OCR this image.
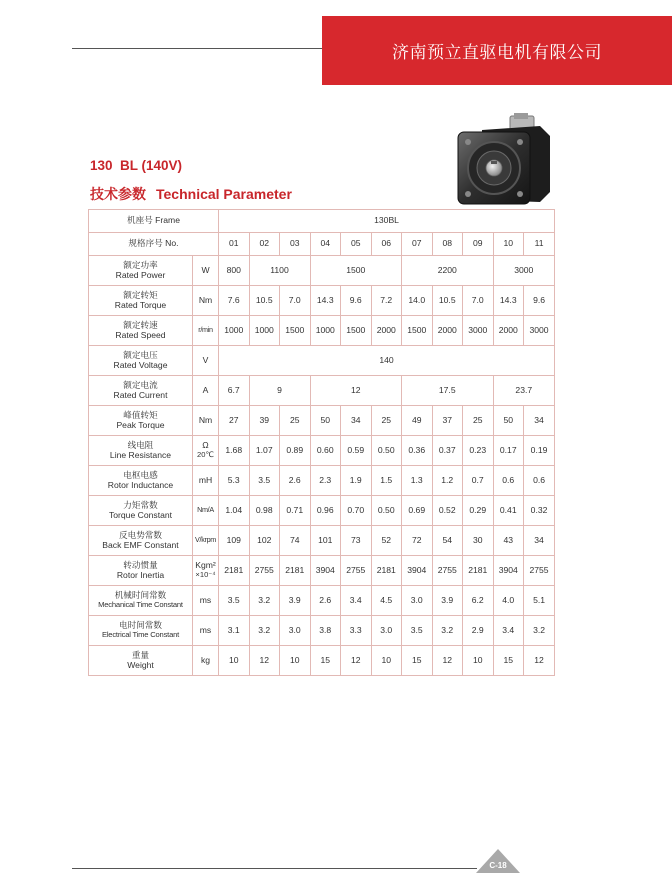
济南预立直驱电机有限公司
130  BL (140V)
技术参数 Technical Parameter
机座号 Frame		130BL										
规格序号 No.		01	02	03	04	05	06	07	08	09	10	11

额定功率
Rated Power	W	800	1100		1500			2200			3000	

额定转矩
Rated Torque	Nm	7.6	10.5	7.0	14.3	9.6	7.2	14.0	10.5	7.0	14.3	9.6

额定转速
Rated Speed	r/min	1000	1000	1500	1000	1500	2000	1500	2000	3000	2000	3000

额定电压
Rated Voltage	V	140										

额定电流
Rated Current	A	6.7	9		12			17.5			23.7	

峰值转矩
Peak Torque	Nm	27	39	25	50	34	25	49	37	25	50	34

线电阻
Line Resistance	Ω
20℃	1.68	1.07	0.89	0.60	0.59	0.50	0.36	0.37	0.23	0.17	0.19

电枢电感
Rotor Inductance	mH	5.3	3.5	2.6	2.3	1.9	1.5	1.3	1.2	0.7	0.6	0.6

力矩常数
Torque Constant	Nm/A	1.04	0.98	0.71	0.96	0.70	0.50	0.69	0.52	0.29	0.41	0.32

反电势常数
Back EMF Constant	V/krpm	109	102	74	101	73	52	72	54	30	43	34

转动惯量
Rotor Inertia	Kgm²
×10⁻⁴	2181	2755	2181	3904	2755	2181	3904	2755	2181	3904	2755

机械时间常数
Mechanical Time Constant	ms	3.5	3.2	3.9	2.6	3.4	4.5	3.0	3.9	6.2	4.0	5.1

电时间常数
Electrical Time Constant	ms	3.1	3.2	3.0	3.8	3.3	3.0	3.5	3.2	2.9	3.4	3.2

重量
Weight	kg	10	12	10	15	12	10	15	12	10	15	12
C-18
